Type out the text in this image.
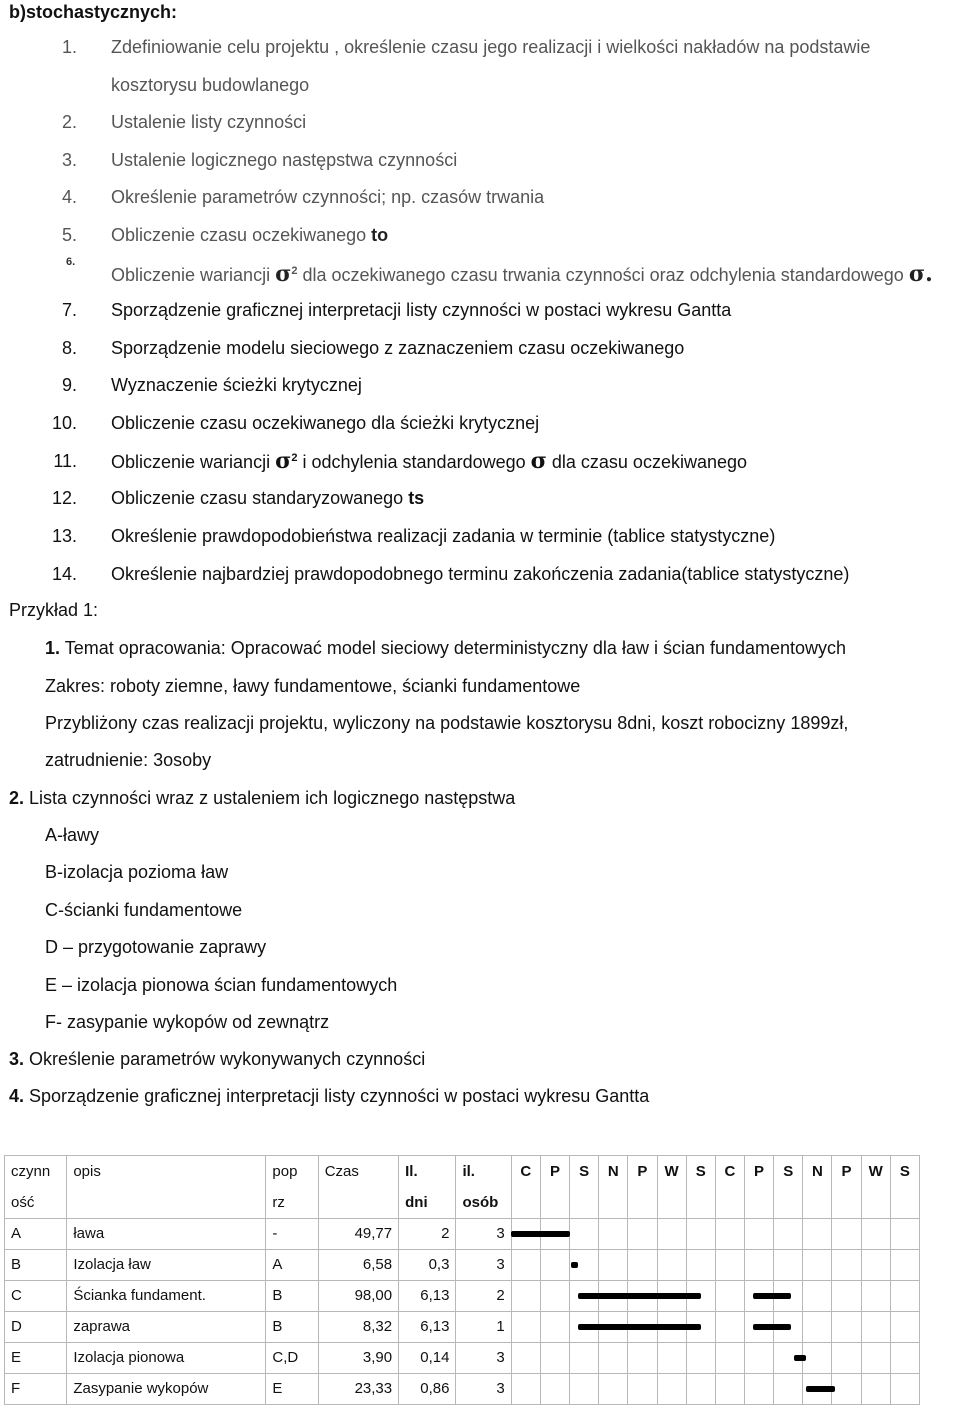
b)stochastycznych:
1. Zdefiniowanie celu projektu , określenie czasu jego realizacji i wielkości nakładów na podstawie
kosztorysu budowlanego
2. Ustalenie listy czynności
3. Ustalenie logicznego następstwa czynności
4. Określenie parametrów czynności; np. czasów trwania
5. Obliczenie czasu oczekiwanego to
6.
Obliczenie wariancji $\sigma^2$ dla oczekiwanego czasu trwania czynności oraz odchylenia standardowego σ.
7. Sporządzenie graficznej interpretacji listy czynności w postaci wykresu Gantta
8. Sporządzenie modelu sieciowego z zaznaczeniem czasu oczekiwanego
9. Wyznaczenie ścieżki krytycznej
10. Obliczenie czasu oczekiwanego dla ścieżki krytycznej
11. Obliczenie wariancji $\sigma^2$ i odchylenia standardowego σ dla czasu oczekiwanego
12. Obliczenie czasu standaryzowanego ts
13. Określenie prawdopodobieństwa realizacji zadania w terminie (tablice statystyczne)
14. Określenie najbardziej prawdopodobnego terminu zakończenia zadania(tablice statystyczne)
Przykład 1:
1. Temat opracowania: Opracować model sieciowy deterministyczny dla ław i ścian fundamentowych
Zakres: roboty ziemne, ławy fundamentowe, ścianki fundamentowe
Przybliżony czas realizacji projektu, wyliczony na podstawie kosztorysu 8dni, koszt robocizny 1899zł,
zatrudnienie: 3osoby
2. Lista czynności wraz z ustaleniem ich logicznego następstwa
A-ławy
B-izolacja pozioma ław
C-ścianki fundamentowe
D – przygotowanie zaprawy
E – izolacja pionowa ścian fundamentowych
F- zasypanie wykopów od zewnątrz
3. Określenie parametrów wykonywanych czynności
4. Sporządzenie graficznej interpretacji listy czynności w postaci wykresu Gantta
czynn	opis	pop	Czas	Il.	il.	C	P	S	N	P	W	S	C	P	S	N	P	W	S
ość		rz		dni	osób														
A	ława	-	49,77	2	3														
B	Izolacja ław	A	6,58	0,3	3														
C	Ścianka fundament.	B	98,00	6,13	2														
D	zaprawa	B	8,32	6,13	1														
E	Izolacja pionowa	C,D	3,90	0,14	3														
F	Zasypanie wykopów	E	23,33	0,86	3														
